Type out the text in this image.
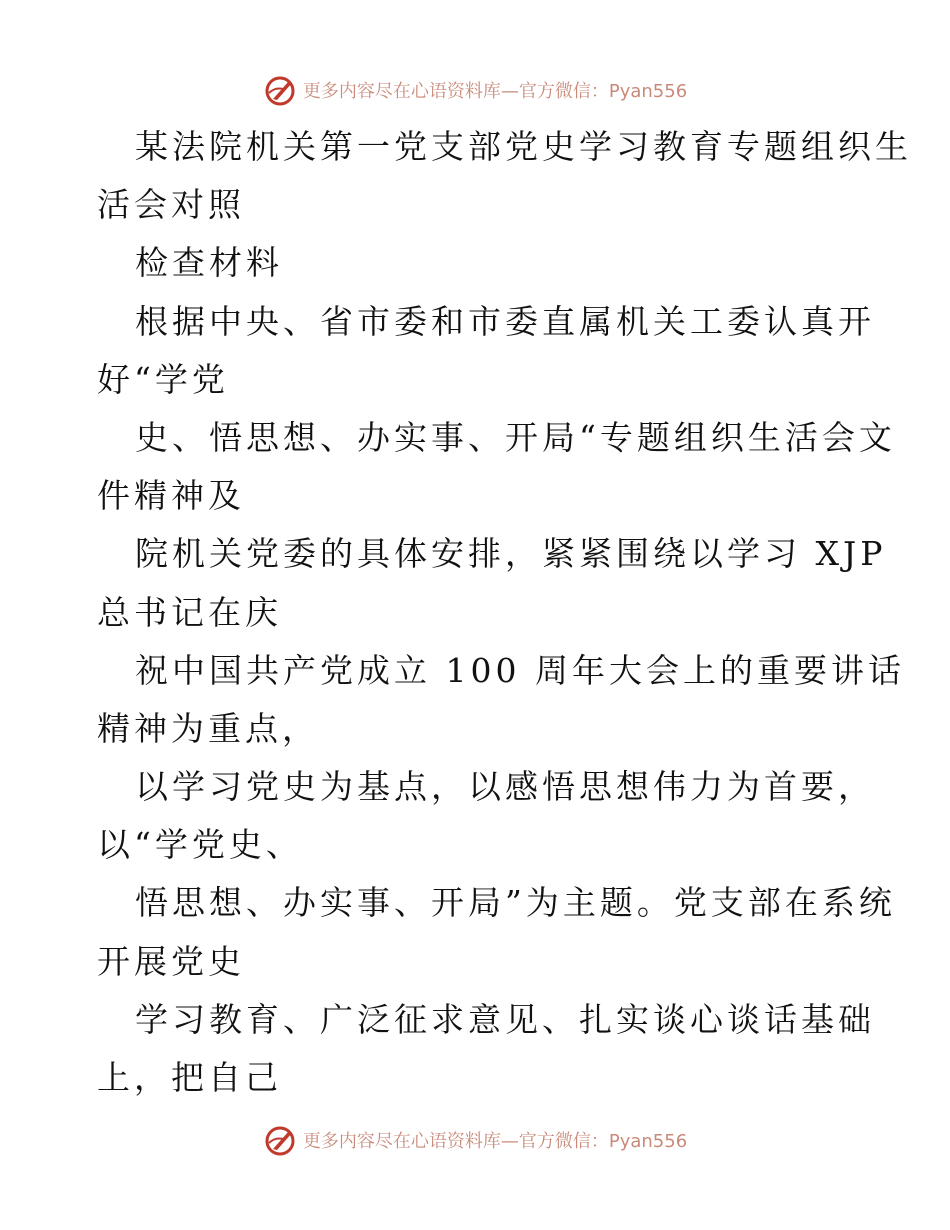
更多内容尽在心语资料库—官方微信：Pyan556
某法院机关第一党支部党史学习教育专题组织生
活会对照
检查材料
根据中央、省市委和市委直属机关工委认真开
好“学党
史、悟思想、办实事、开局“专题组织生活会文
件精神及
院机关党委的具体安排，紧紧围绕以学习 XJP
总书记在庆
祝中国共产党成立 100 周年大会上的重要讲话
精神为重点，
以学习党史为基点，以感悟思想伟力为首要，
以“学党史、
悟思想、办实事、开局”为主题。党支部在系统
开展党史
学习教育、广泛征求意见、扎实谈心谈话基础
上，把自己
更多内容尽在心语资料库—官方微信：Pyan556
